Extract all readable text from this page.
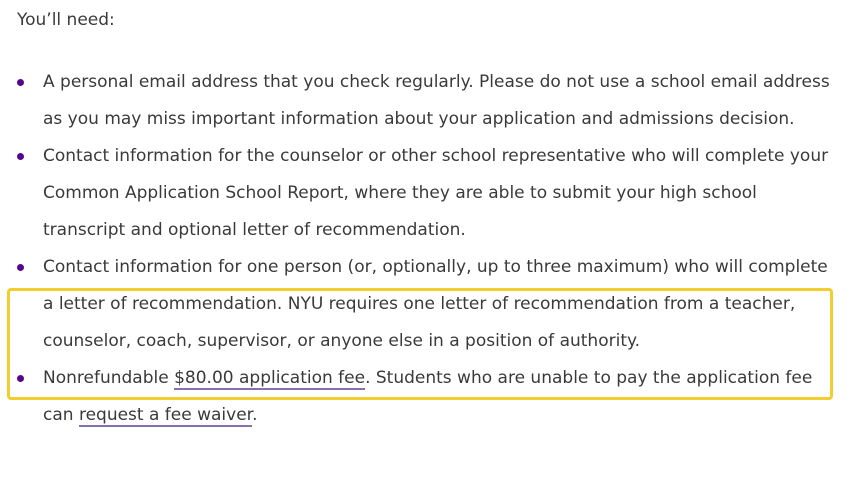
You’ll need:

A personal email address that you check regularly. Please do not use a school email address as you may miss important information about your application and admissions decision.
Contact information for the counselor or other school representative who will complete your Common Application School Report, where they are able to submit your high school transcript and optional letter of recommendation.
Contact information for one person (or, optionally, up to three maximum) who will complete a letter of recommendation. NYU requires one letter of recommendation from a teacher, counselor, coach, supervisor, or anyone else in a position of authority.
Nonrefundable $80.00 application fee. Students who are unable to pay the application fee can request a fee waiver.
